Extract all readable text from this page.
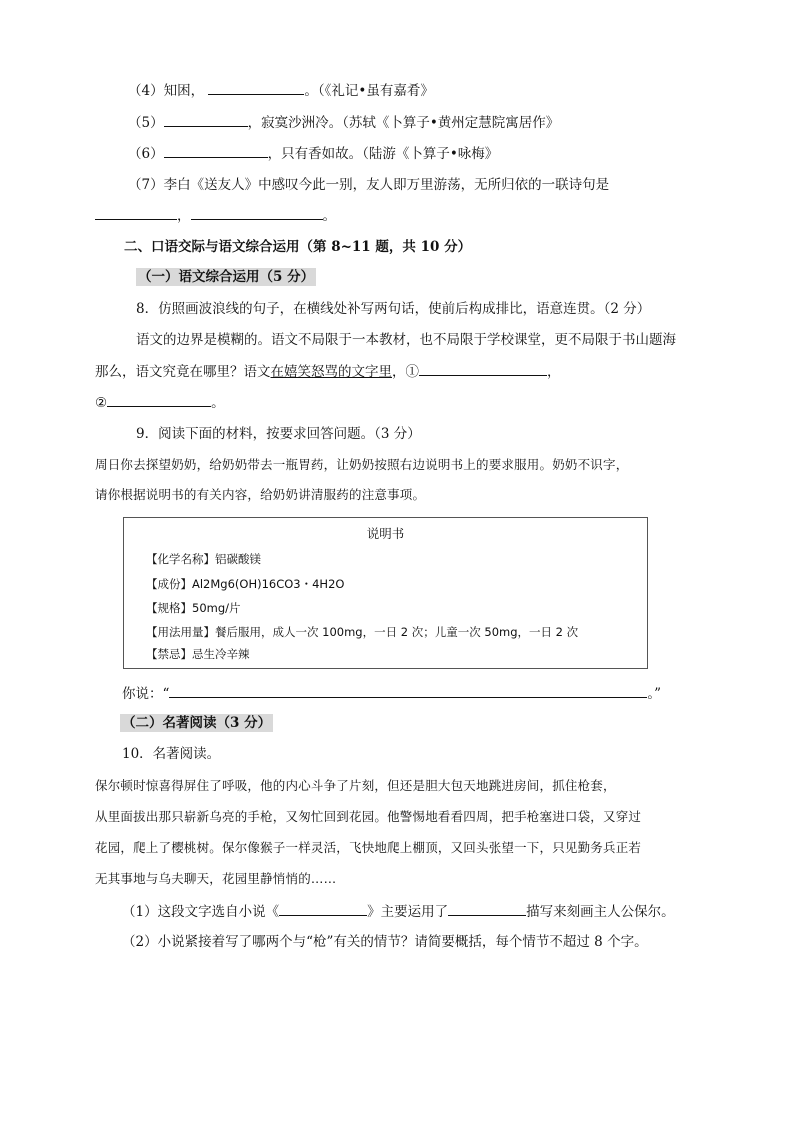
（4）知困，	。（《礼记•虽有嘉肴》
（5）	，寂寞沙洲冷。（苏轼《卜算子•黄州定慧院寓居作》
（6）	，只有香如故。（陆游《卜算子•咏梅》
（7）李白《送友人》中感叹今此一别，友人即万里游荡，无所归依的一联诗句是
，	。
二、口语交际与语文综合运用（第 8~11 题，共 10 分）
（一）语文综合运用（5 分）
8．仿照画波浪线的句子，在横线处补写两句话，使前后构成排比，语意连贯。（2 分）
语文的边界是模糊的。语文不局限于一本教材，也不局限于学校课堂，更不局限于书山题海
那么，语文究竟在哪里？语文在嬉笑怒骂的文字里，①	，
②	。
9．阅读下面的材料，按要求回答问题。（3 分）
周日你去探望奶奶，给奶奶带去一瓶胃药，让奶奶按照右边说明书上的要求服用。奶奶不识字，
请你根据说明书的有关内容，给奶奶讲清服药的注意事项。
说明书
【化学名称】铝碳酸镁
【成份】Al2Mg6(OH)16CO3・4H2O
【规格】50mg/片
【用法用量】餐后服用，成人一次 100mg，一日 2 次；儿童一次 50mg，一日 2 次
【禁忌】忌生冷辛辣
你说：“	。”
（二）名著阅读（3 分）
10．名著阅读。
保尔顿时惊喜得屏住了呼吸，他的内心斗争了片刻，但还是胆大包天地跳进房间，抓住枪套，
从里面拔出那只崭新乌亮的手枪，又匆忙回到花园。他警惕地看看四周，把手枪塞进口袋，又穿过
花园，爬上了樱桃树。保尔像猴子一样灵活，飞快地爬上棚顶，又回头张望一下，只见勤务兵正若
无其事地与乌夫聊天，花园里静悄悄的……
（1）这段文字选自小说《	》主要运用了	描写来刻画主人公保尔。
（2）小说紧接着写了哪两个与“枪”有关的情节？请简要概括，每个情节不超过 8 个字。
